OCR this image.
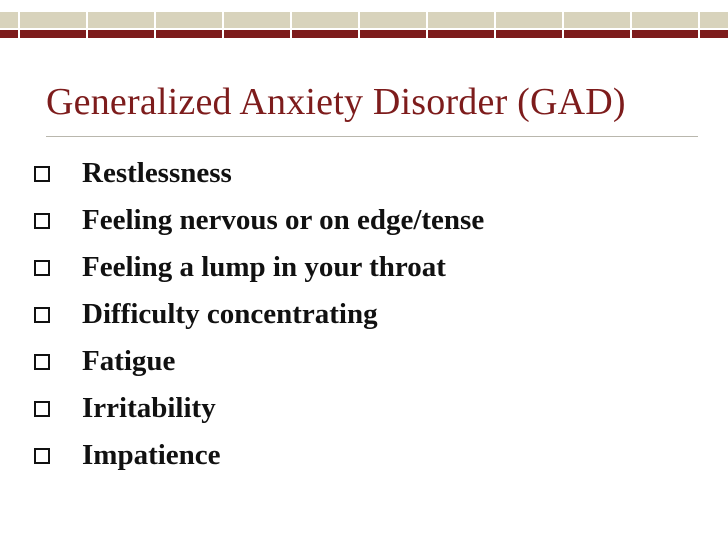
Generalized Anxiety Disorder (GAD)
Restlessness
Feeling nervous or on edge/tense
Feeling a lump in your throat
Difficulty concentrating
Fatigue
Irritability
Impatience
